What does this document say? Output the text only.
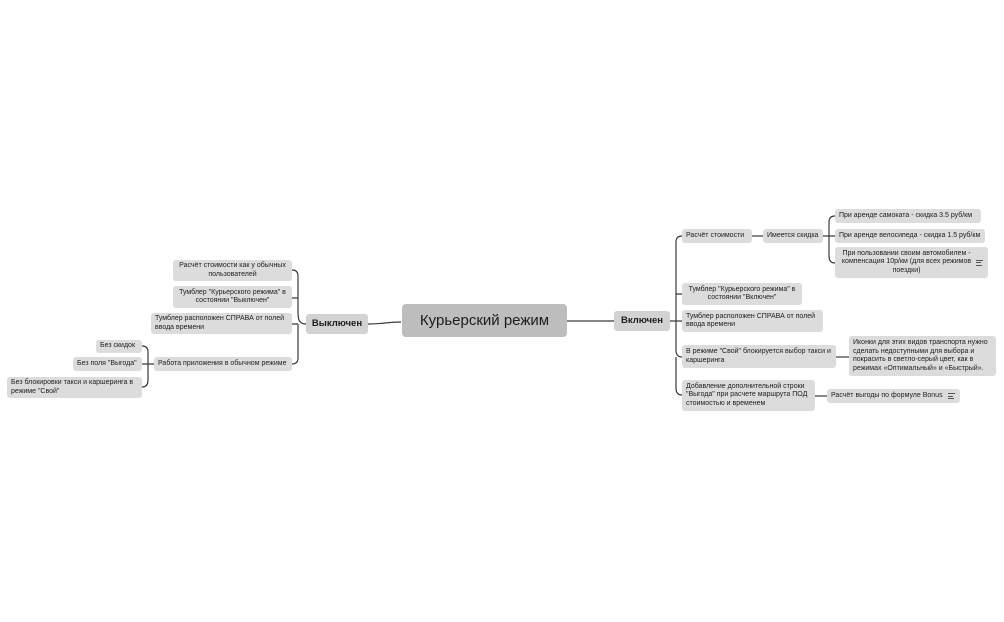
Курьерский режим
Выключен
Расчёт стоимости как у обычных пользователей
Тумблер "Курьерского режима" в состоянии "Выключен"
Тумблер расположен СПРАВА от полей ввода времени
Работа приложения в обычном режиме
Без скидок
Без поля "Выгода"
Без блокировки такси и каршеринга в режиме "Свой"
Включен
Расчёт стоимости	Имеется скидка
При аренде самоката - скидка 3.5 руб/км
При аренде велосипеда - скидка 1.5 руб/км
При пользовании своим автомобилем - компенсация 10р/км (для всех режимов поездки)
Тумблер "Курьерского режима" в состоянии "Включен"
Тумблер расположен СПРАВА от полей ввода времени
В режиме "Свой" блокируется выбор такси и каршеринга
Иконки для этих видов транспорта нужно сделать недоступными для выбора и покрасить в светло-серый цвет, как в режимах «Оптимальный» и «Быстрый».
Добавление дополнительной строки "Выгода" при расчете маршрута ПОД стоимостью и временем
Расчёт выгоды по формуле Bonus
